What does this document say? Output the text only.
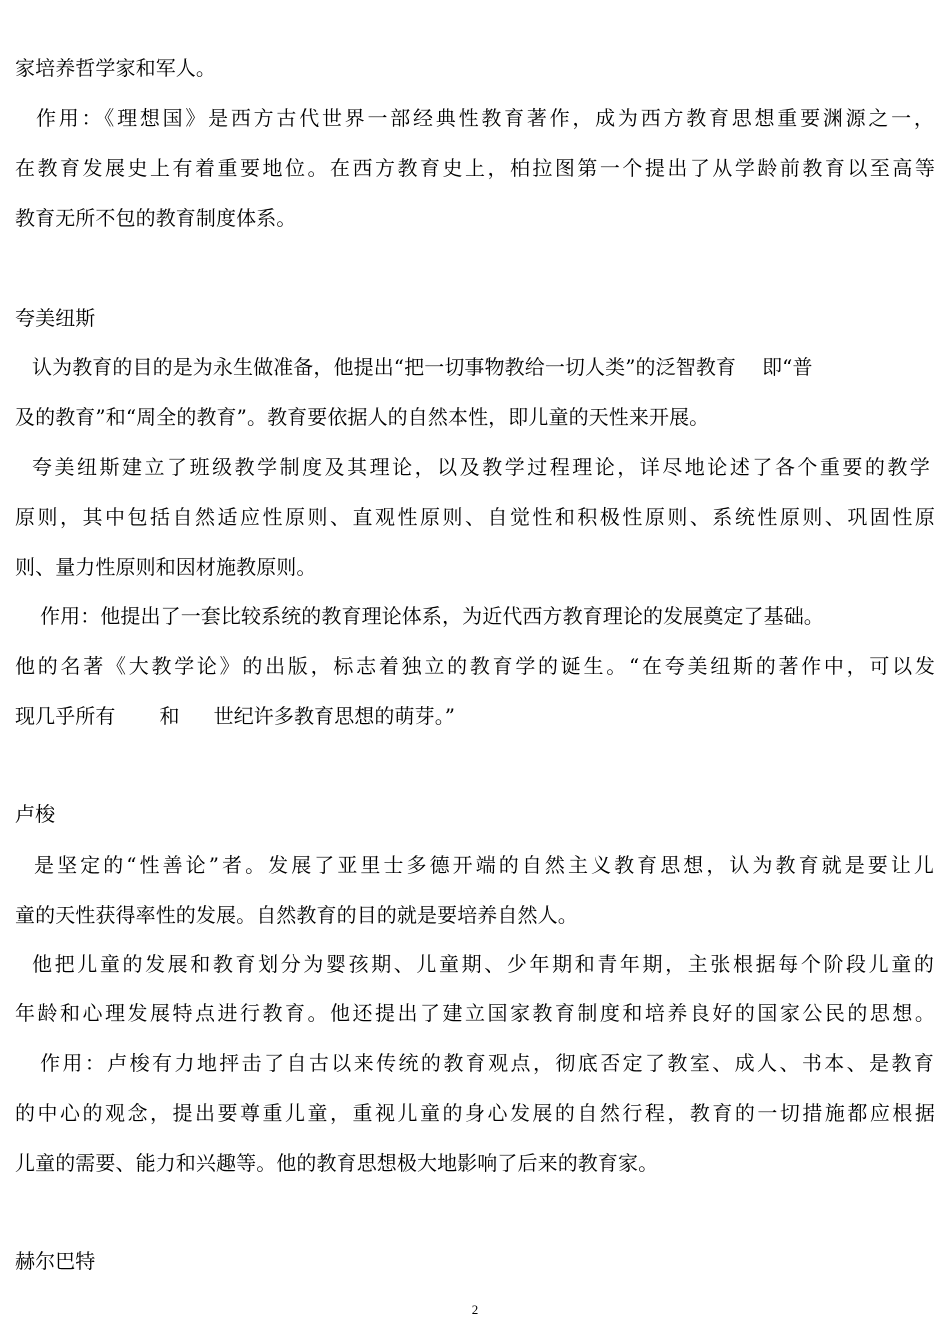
家培养哲学家和军人。
作用：《理想国》是西方古代世界一部经典性教育著作，成为西方教育思想重要渊源之一，
在教育发展史上有着重要地位。在西方教育史上，柏拉图第一个提出了从学龄前教育以至高等
教育无所不包的教育制度体系。
夸美纽斯
认为教育的目的是为永生做准备，他提出“把一切事物教给一切人类”的泛智教育 即“普
及的教育”和“周全的教育”。教育要依据人的自然本性，即儿童的天性来开展。
夸美纽斯建立了班级教学制度及其理论，以及教学过程理论，详尽地论述了各个重要的教学
原则，其中包括自然适应性原则、直观性原则、自觉性和积极性原则、系统性原则、巩固性原
则、量力性原则和因材施教原则。
作用：他提出了一套比较系统的教育理论体系，为近代西方教育理论的发展奠定了基础。
他的名著《大教学论》的出版，标志着独立的教育学的诞生。“在夸美纽斯的著作中，可以发
现几乎所有 和 世纪许多教育思想的萌芽。”
卢梭
是坚定的“性善论”者。发展了亚里士多德开端的自然主义教育思想，认为教育就是要让儿
童的天性获得率性的发展。自然教育的目的就是要培养自然人。
他把儿童的发展和教育划分为婴孩期、儿童期、少年期和青年期，主张根据每个阶段儿童的
年龄和心理发展特点进行教育。他还提出了建立国家教育制度和培养良好的国家公民的思想。
作用：卢梭有力地抨击了自古以来传统的教育观点，彻底否定了教室、成人、书本、是教育
的中心的观念，提出要尊重儿童，重视儿童的身心发展的自然行程，教育的一切措施都应根据
儿童的需要、能力和兴趣等。他的教育思想极大地影响了后来的教育家。
赫尔巴特
2
